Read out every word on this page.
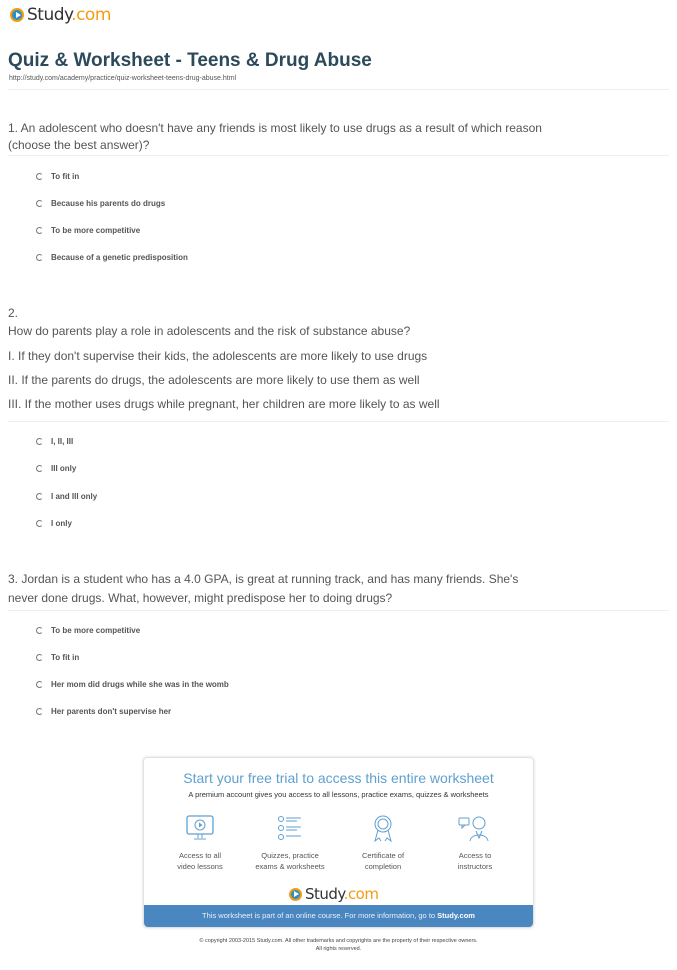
Study.com
Quiz & Worksheet - Teens & Drug Abuse
http://study.com/academy/practice/quiz-worksheet-teens-drug-abuse.html
1. An adolescent who doesn't have any friends is most likely to use drugs as a result of which reason
(choose the best answer)?
To fit in
Because his parents do drugs
To be more competitive
Because of a genetic predisposition
2.
How do parents play a role in adolescents and the risk of substance abuse?
I. If they don't supervise their kids, the adolescents are more likely to use drugs
II. If the parents do drugs, the adolescents are more likely to use them as well
III. If the mother uses drugs while pregnant, her children are more likely to as well
I, II, III
III only
I and III only
I only
3. Jordan is a student who has a 4.0 GPA, is great at running track, and has many friends. She's
never done drugs. What, however, might predispose her to doing drugs?
To be more competitive
To fit in
Her mom did drugs while she was in the womb
Her parents don't supervise her
Start your free trial to access this entire worksheet
A premium account gives you access to all lessons, practice exams, quizzes & worksheets
Access to all
video lessons
Quizzes, practice
exams & worksheets
Certificate of
completion
Access to
instructors
Study.com
This worksheet is part of an online course. For more information, go to Study.com
© copyright 2003-2015 Study.com. All other trademarks and copyrights are the property of their respective owners.
All rights reserved.
